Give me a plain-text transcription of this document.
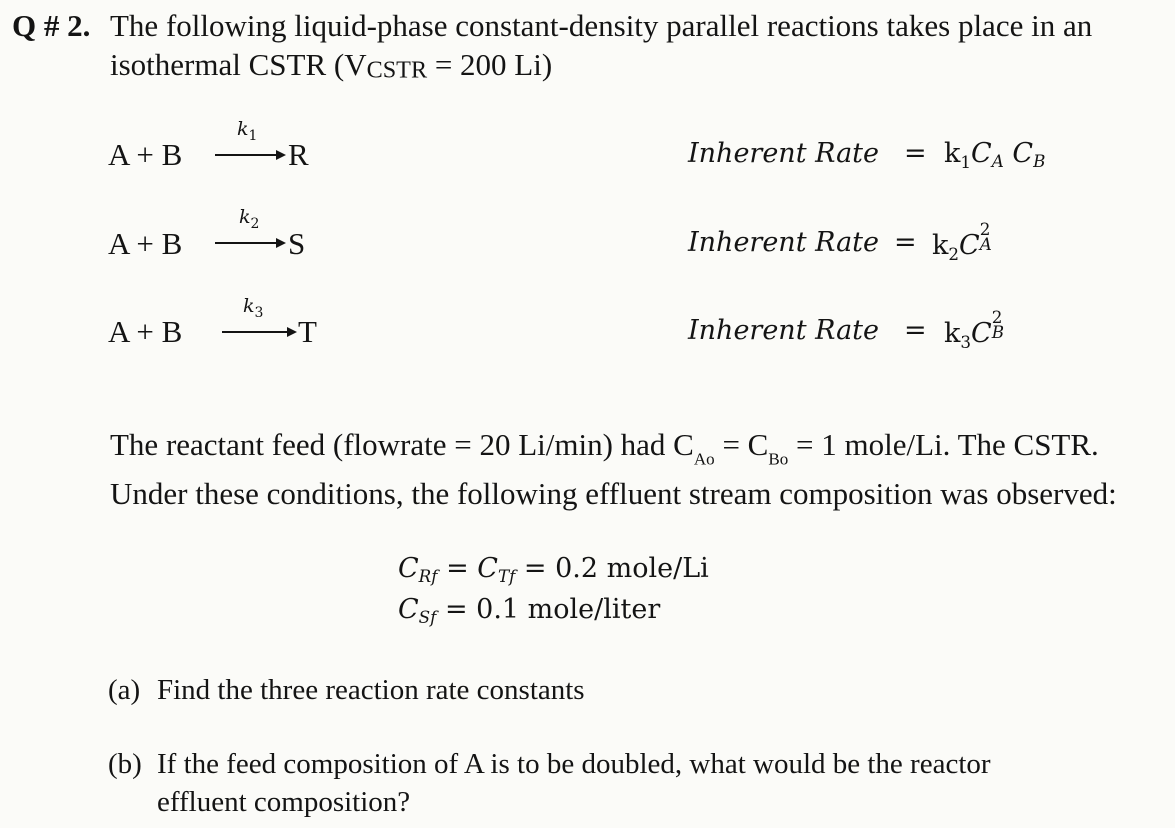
Q # 2. The following liquid-phase constant-density parallel reactions takes place in an
isothermal CSTR (VCSTR = 200 Li)
A + B
$k_1$
R	Inherent Rate = $k_1CA$ CB
A + B
$k_2$
S	Inherent Rate = $k_2C$
2
A
A + B
$k_3$
T	Inherent Rate = $k_3C$
2
B
The reactant feed (flowrate = 20 Li/min) had $C_{Ao} = C_{Bo} = 1$ mole/Li. The CSTR.
Under these conditions, the following effluent stream composition was observed:
CRf = CTf = 0.2 mole/Li
CSf = 0.1 mole/liter
(a) Find the three reaction rate constants
(b) If the feed composition of A is to be doubled, what would be the reactor
effluent composition?
